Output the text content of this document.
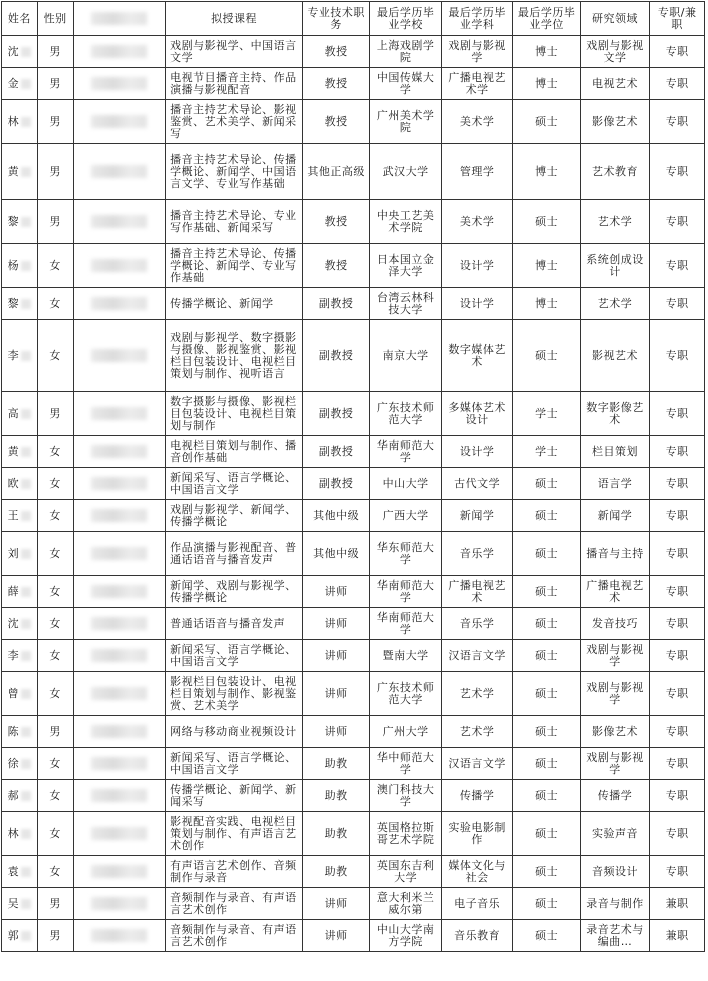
姓名	性别		拟授课程	专业技术职务	最后学历毕业学校	最后学历毕业学科	最后学历毕业学位	研究领域	专职/兼职
沈	男		戏剧与影视学、中国语言文学	教授	上海戏剧学院	戏剧与影视学	博士	戏剧与影视文学	专职
金	男		电视节目播音主持、作品演播与影视配音	教授	中国传媒大学	广播电视艺术学	博士	电视艺术	专职
林	男		播音主持艺术导论、影视鉴赏、艺术美学、新闻采写	教授	广州美术学院	美术学	硕士	影像艺术	专职
黄	男		播音主持艺术导论、传播学概论、新闻学、中国语言文学、专业写作基础	其他正高级	武汉大学	管理学	博士	艺术教育	专职
黎	男		播音主持艺术导论、专业写作基础、新闻采写	教授	中央工艺美术学院	美术学	硕士	艺术学	专职
杨	女		播音主持艺术导论、传播学概论、新闻学、专业写作基础	教授	日本国立金泽大学	设计学	博士	系统创成设计	专职
黎	女		传播学概论、新闻学	副教授	台湾云林科技大学	设计学	博士	艺术学	专职
李	女		戏剧与影视学、数字摄影与摄像、影视鉴赏、影视栏目包装设计、电视栏目策划与制作、视听语言	副教授	南京大学	数字媒体艺术	硕士	影视艺术	专职
高	男		数字摄影与摄像、影视栏目包装设计、电视栏目策划与制作	副教授	广东技术师范大学	多媒体艺术设计	学士	数字影像艺术	专职
黄	女		电视栏目策划与制作、播音创作基础	副教授	华南师范大学	设计学	学士	栏目策划	专职
欧	女		新闻采写、语言学概论、中国语言文学	副教授	中山大学	古代文学	硕士	语言学	专职
王	女		戏剧与影视学、新闻学、传播学概论	其他中级	广西大学	新闻学	硕士	新闻学	专职
刘	女		作品演播与影视配音、普通话语音与播音发声	其他中级	华东师范大学	音乐学	硕士	播音与主持	专职
薛	女		新闻学、戏剧与影视学、传播学概论	讲师	华南师范大学	广播电视艺术	硕士	广播电视艺术	专职
沈	女		普通话语音与播音发声	讲师	华南师范大学	音乐学	硕士	发音技巧	专职
李	女		新闻采写、语言学概论、中国语言文学	讲师	暨南大学	汉语言文学	硕士	戏剧与影视学	专职
曾	女		影视栏目包装设计、电视栏目策划与制作、影视鉴赏、艺术美学	讲师	广东技术师范大学	艺术学	硕士	戏剧与影视学	专职
陈	男		网络与移动商业视频设计	讲师	广州大学	艺术学	硕士	影像艺术	专职
徐	女		新闻采写、语言学概论、中国语言文学	助教	华中师范大学	汉语言文学	硕士	戏剧与影视学	专职
郝	女		传播学概论、新闻学、新闻采写	助教	澳门科技大学	传播学	硕士	传播学	专职
林	女		影视配音实践、电视栏目策划与制作、有声语言艺术创作	助教	英国格拉斯哥艺术学院	实验电影制作	硕士	实验声音	专职
袁	女		有声语言艺术创作、音频制作与录音	助教	英国东吉利大学	媒体文化与社会	硕士	音频设计	专职
吴	男		音频制作与录音、有声语言艺术创作	讲师	意大利米兰威尔第	电子音乐	硕士	录音与制作	兼职
郭	男		音频制作与录音、有声语言艺术创作	讲师	中山大学南方学院	音乐教育	硕士	录音艺术与编曲…	兼职
